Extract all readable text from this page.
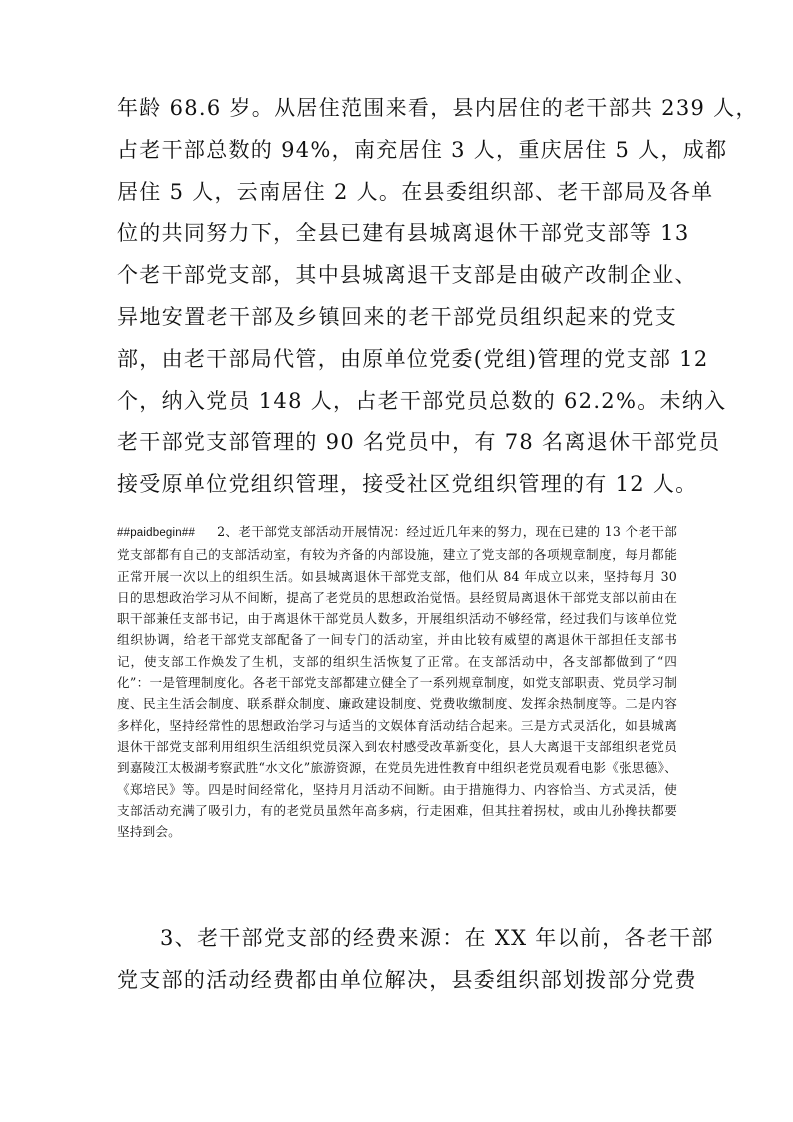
年龄 68.6 岁。从居住范围来看，县内居住的老干部共 239 人，
占老干部总数的 94%，南充居住 3 人，重庆居住 5 人，成都
居住 5 人，云南居住 2 人。在县委组织部、老干部局及各单
位的共同努力下，全县已建有县城离退休干部党支部等 13
个老干部党支部，其中县城离退干支部是由破产改制企业、
异地安置老干部及乡镇回来的老干部党员组织起来的党支
部，由老干部局代管，由原单位党委(党组)管理的党支部 12
个，纳入党员 148 人，占老干部党员总数的 62.2%。未纳入
老干部党支部管理的 90 名党员中，有 78 名离退休干部党员
接受原单位党组织管理，接受社区党组织管理的有 12 人。

##paidbegin## 2、老干部党支部活动开展情况：经过近几年来的努力，现在已建的 13 个老干部党支部都有自己的支部活动室，有较为齐备的内部设施，建立了党支部的各项规章制度，每月都能正常开展一次以上的组织生活。如县城离退休干部党支部，他们从 84 年成立以来，坚持每月 30 日的思想政治学习从不间断，提高了老党员的思想政治觉悟。县经贸局离退休干部党支部以前由在职干部兼任支部书记，由于离退休干部党员人数多，开展组织活动不够经常，经过我们与该单位党组织协调，给老干部党支部配备了一间专门的活动室，并由比较有威望的离退休干部担任支部书记，使支部工作焕发了生机，支部的组织生活恢复了正常。在支部活动中，各支部都做到了“四化”：一是管理制度化。各老干部党支部都建立健全了一系列规章制度，如党支部职责、党员学习制度、民主生活会制度、联系群众制度、廉政建设制度、党费收缴制度、发挥余热制度等。二是内容多样化，坚持经常性的思想政治学习与适当的文娱体育活动结合起来。三是方式灵活化，如县城离退休干部党支部利用组织生活组织党员深入到农村感受改革新变化，县人大离退干支部组织老党员到嘉陵江太极湖考察武胜“水文化”旅游资源，在党员先进性教育中组织老党员观看电影《张思德》、《郑培民》等。四是时间经常化，坚持月月活动不间断。由于措施得力、内容恰当、方式灵活，使支部活动充满了吸引力，有的老党员虽然年高多病，行走困难，但其拄着拐杖，或由儿孙搀扶都要坚持到会。

3、老干部党支部的经费来源：在 XX 年以前，各老干部
党支部的活动经费都由单位解决，县委组织部划拨部分党费
